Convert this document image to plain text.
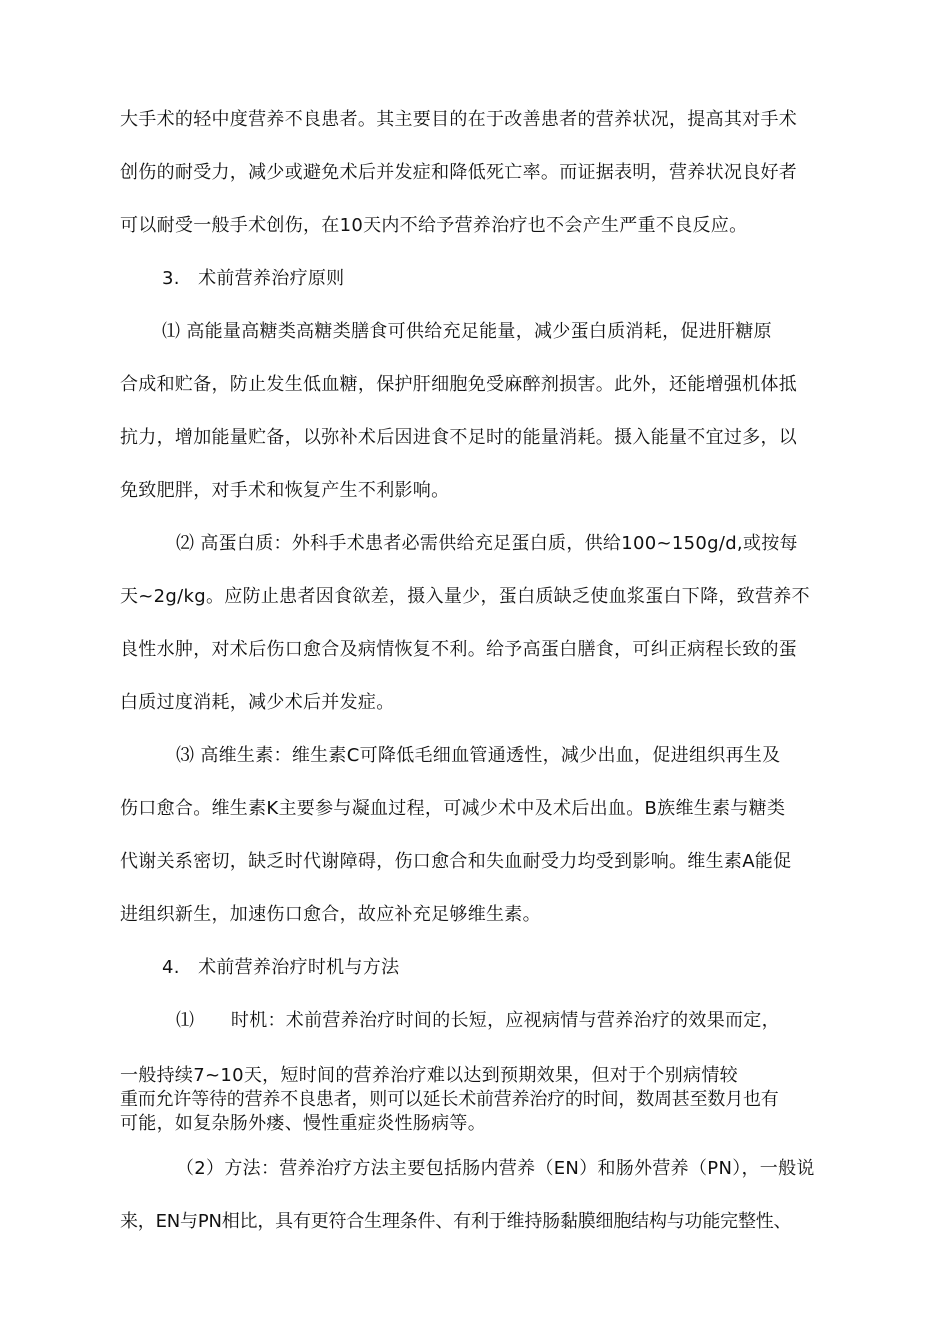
大手术的轻中度营养不良患者。其主要目的在于改善患者的营养状况，提高其对手术
创伤的耐受力，减少或避免术后并发症和降低死亡率。而证据表明，营养状况良好者
可以耐受一般手术创伤，在10天内不给予营养治疗也不会产生严重不良反应。
3.　术前营养治疗原则
⑴ 高能量高糖类高糖类膳食可供给充足能量，减少蛋白质消耗，促进肝糖原
合成和贮备，防止发生低血糖，保护肝细胞免受麻醉剂损害。此外，还能增强机体抵
抗力，增加能量贮备，以弥补术后因进食不足时的能量消耗。摄入能量不宜过多，以
免致肥胖，对手术和恢复产生不利影响。
⑵ 高蛋白质：外科手术患者必需供给充足蛋白质，供给100~150g/d,或按每
天~2g/kg。应防止患者因食欲差，摄入量少，蛋白质缺乏使血浆蛋白下降，致营养不
良性水肿，对术后伤口愈合及病情恢复不利。给予高蛋白膳食，可纠正病程长致的蛋
白质过度消耗，减少术后并发症。
⑶ 高维生素：维生素C可降低毛细血管通透性，减少出血，促进组织再生及
伤口愈合。维生素K主要参与凝血过程，可减少术中及术后出血。B族维生素与糖类
代谢关系密切，缺乏时代谢障碍，伤口愈合和失血耐受力均受到影响。维生素A能促
进组织新生，加速伤口愈合，故应补充足够维生素。
4.　术前营养治疗时机与方法
⑴　　时机：术前营养治疗时间的长短，应视病情与营养治疗的效果而定，
一般持续7~10天，短时间的营养治疗难以达到预期效果，但对于个别病情较
重而允许等待的营养不良患者，则可以延长术前营养治疗的时间，数周甚至数月也有
可能，如复杂肠外瘘、慢性重症炎性肠病等。
（2）方法：营养治疗方法主要包括肠内营养（EN）和肠外营养（PN），一般说
来，EN与PN相比，具有更符合生理条件、有利于维持肠黏膜细胞结构与功能完整性、
